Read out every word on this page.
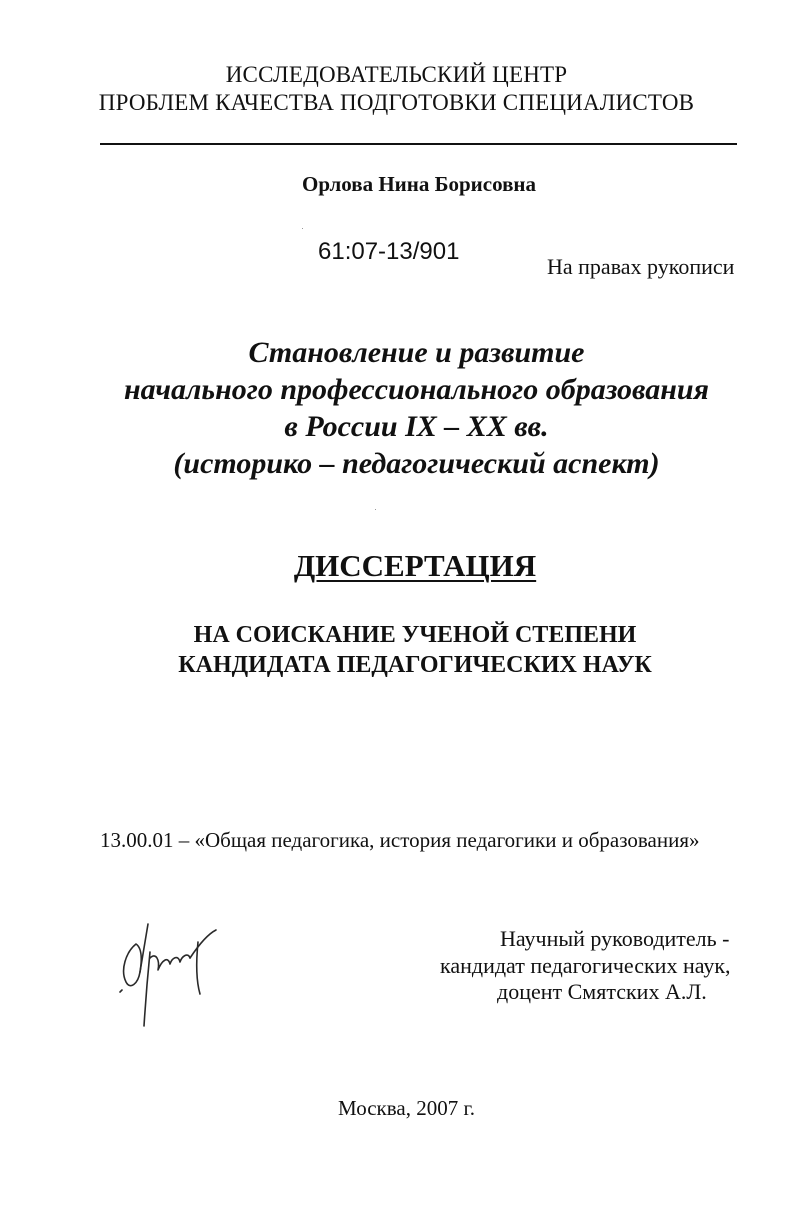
ИССЛЕДОВАТЕЛЬСКИЙ ЦЕНТР
ПРОБЛЕМ КАЧЕСТВА ПОДГОТОВКИ СПЕЦИАЛИСТОВ
Орлова Нина Борисовна
61:07-13/901
На правах рукописи
Становление и развитие
начального профессионального образования
в России IX – XX вв.
(историко – педагогический аспект)
ДИССЕРТАЦИЯ
НА СОИСКАНИЕ УЧЕНОЙ СТЕПЕНИ
КАНДИДАТА ПЕДАГОГИЧЕСКИХ НАУК
13.00.01 – «Общая педагогика, история педагогики и образования»
Научный руководитель -
кандидат педагогических наук,
доцент Смятских А.Л.
Москва, 2007 г.
